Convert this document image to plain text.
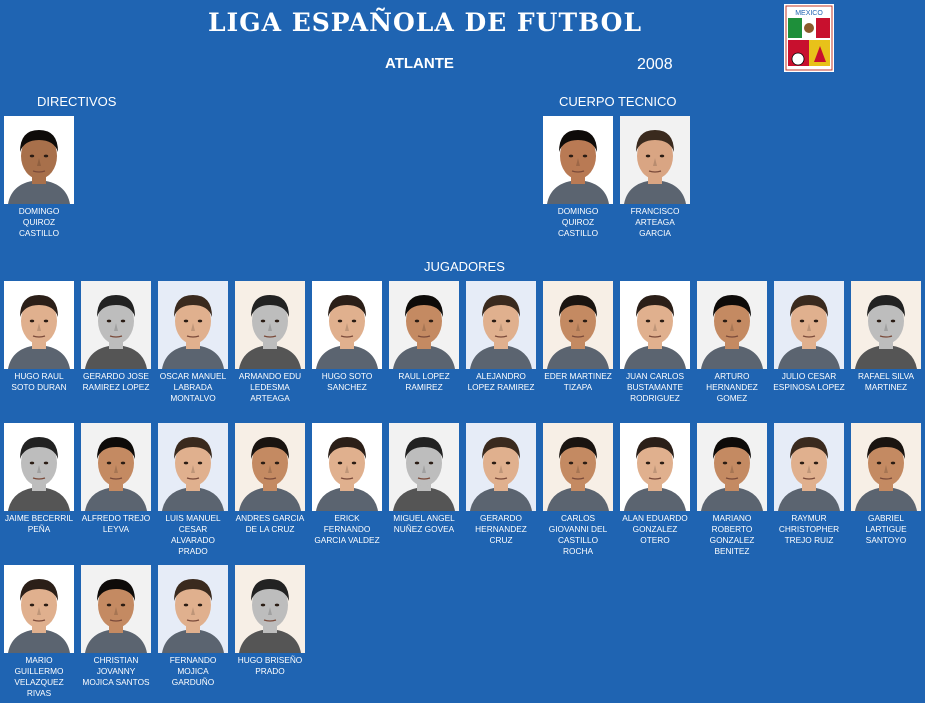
LIGA ESPAÑOLA DE FUTBOL
ATLANTE	2008
MEXICO
DIRECTIVOS	CUERPO TECNICO
JUGADORES
DOMINGO QUIROZ CASTILLO
DOMINGO QUIROZ CASTILLO
FRANCISCO ARTEAGA GARCIA
HUGO RAUL SOTO DURAN
GERARDO JOSE RAMIREZ LOPEZ
OSCAR MANUEL LABRADA MONTALVO
ARMANDO EDU LEDESMA ARTEAGA
HUGO SOTO SANCHEZ
RAUL LOPEZ RAMIREZ
ALEJANDRO LOPEZ RAMIREZ
EDER MARTINEZ TIZAPA
JUAN CARLOS BUSTAMANTE RODRIGUEZ
ARTURO HERNANDEZ GOMEZ
JULIO CESAR ESPINOSA LOPEZ
RAFAEL SILVA MARTINEZ
JAIME BECERRIL PEÑA
ALFREDO TREJO LEYVA
LUIS MANUEL CESAR ALVARADO PRADO
ANDRES GARCIA DE LA CRUZ
ERICK FERNANDO GARCIA VALDEZ
MIGUEL ANGEL NUÑEZ GOVEA
GERARDO HERNANDEZ CRUZ
CARLOS GIOVANNI DEL CASTILLO ROCHA
ALAN EDUARDO GONZALEZ OTERO
MARIANO ROBERTO GONZALEZ BENITEZ
RAYMUR CHRISTOPHER TREJO RUIZ
GABRIEL LARTIGUE SANTOYO
MARIO GUILLERMO VELAZQUEZ RIVAS
CHRISTIAN JOVANNY MOJICA SANTOS
FERNANDO MOJICA GARDUÑO
HUGO BRISEÑO PRADO
